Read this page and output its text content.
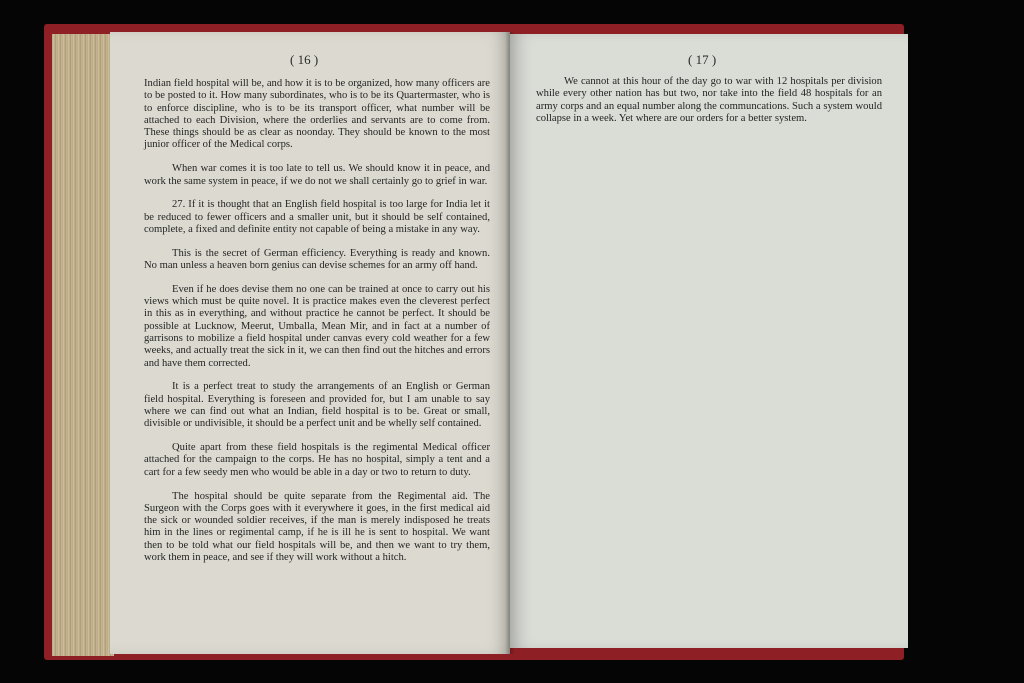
( 16 )

Indian field hospital will be, and how it is to be organized, how many officers are to be posted to it. How many subordinates, who is to be its Quartermaster, who is to enforce discipline, who is to be its transport officer, what number will be attached to each Division, where the orderlies and servants are to come from. These things should be as clear as noonday. They should be known to the most junior officer of the Medical corps.

When war comes it is too late to tell us. We should know it in peace, and work the same system in peace, if we do not we shall certainly go to grief in war.

27. If it is thought that an English field hospital is too large for India let it be reduced to fewer officers and a smaller unit, but it should be self contained, complete, a fixed and definite entity not capable of being a mistake in any way.

This is the secret of German efficiency. Everything is ready and known. No man unless a heaven born genius can devise schemes for an army off hand.

Even if he does devise them no one can be trained at once to carry out his views which must be quite novel. It is practice makes even the cleverest perfect in this as in everything, and without practice he cannot be perfect. It should be possible at Lucknow, Meerut, Umballa, Mean Mir, and in fact at a number of garrisons to mobilize a field hospital under canvas every cold weather for a few weeks, and actually treat the sick in it, we can then find out the hitches and errors and have them corrected.

It is a perfect treat to study the arrangements of an English or German field hospital. Everything is foreseen and provided for, but I am unable to say where we can find out what an Indian, field hospital is to be. Great or small, divisible or undivisible, it should be a perfect unit and be whelly self contained.

Quite apart from these field hospitals is the regimental Medical officer attached for the campaign to the corps. He has no hospital, simply a tent and a cart for a few seedy men who would be able in a day or two to return to duty.

The hospital should be quite separate from the Regimental aid. The Surgeon with the Corps goes with it everywhere it goes, in the first medical aid the sick or wounded soldier receives, if the man is merely indisposed he treats him in the lines or regimental camp, if he is ill he is sent to hospital. We want then to be told what our field hospitals will be, and then we want to try them, work them in peace, and see if they will work without a hitch.

( 17 )

We cannot at this hour of the day go to war with 12 hospitals per division while every other nation has but two, nor take into the field 48 hospitals for an army corps and an equal number along the communcations. Such a system would collapse in a week. Yet where are our orders for a better system.
